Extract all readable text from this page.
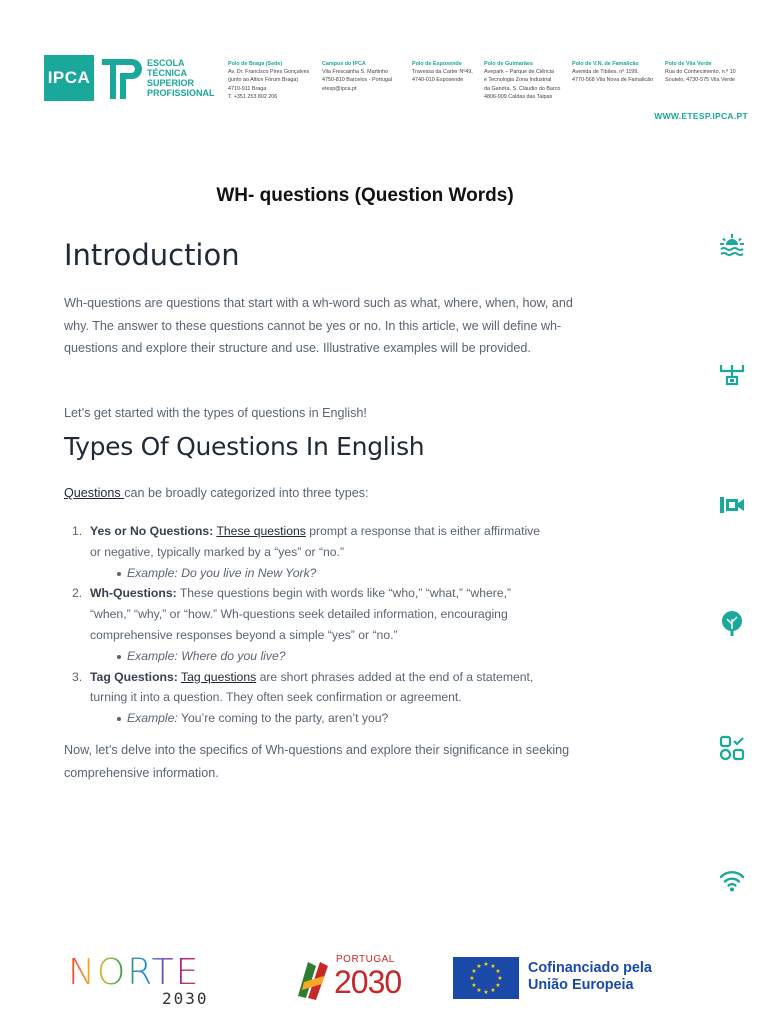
IPCA
ESCOLA
TÉCNICA
SUPERIOR
PROFISSIONAL
Polo de Braga (Sede)
Av. Dr. Francisco Pires Gonçalves
(junto ao Altice Fórum Braga)
4710-911 Braga
T. +351 253 802 206
Campus do IPCA
Vila Frescainha S. Martinho
4750-810 Barcelos · Portugal
etesp@ipca.pt
Polo de Esposende
Travessa da Carter Nº49,
4740-010 Esposende
Polo de Guimarães
Avepark – Parque de Ciência
e Tecnologia Zona Industrial
da Gandra, S. Cláudio do Barco
4806-909 Caldas das Taipas
Polo de V.N. de Famalicão
Avenida de Tibães, nº 1199,
4770-568 Vila Nova de Famalicão
Polo de Vila Verde
Rua do Conhecimento, n.º 10
Soutelo, 4730-575 Vila Verde
WWW.ETESP.IPCA.PT
WH- questions (Question Words)
Introduction

Wh-questions are questions that start with a wh-word such as what, where, when, how, and why. The answer to these questions cannot be yes or no. In this article, we will define wh-questions and explore their structure and use. Illustrative examples will be provided.

Let’s get started with the types of questions in English!

Types Of Questions In English

Questions can be broadly categorized into three types:

1. Yes or No Questions: These questions prompt a response that is either affirmative or negative, typically marked by a “yes” or “no.”
Example: Do you live in New York?
2. Wh-Questions: These questions begin with words like “who,” “what,” “where,” “when,” “why,” or “how.” Wh-questions seek detailed information, encouraging comprehensive responses beyond a simple “yes” or “no.”
Example: Where do you live?
3. Tag Questions: Tag questions are short phrases added at the end of a statement, turning it into a question. They often seek confirmation or agreement.
Example: You’re coming to the party, aren’t you?

Now, let’s delve into the specifics of Wh-questions and explore their significance in seeking comprehensive information.

NORTE
2030
PORTUGAL
2030	★ ★
★
★
★
★
★
★
★
★
★
★	Cofinanciado pela
União Europeia
